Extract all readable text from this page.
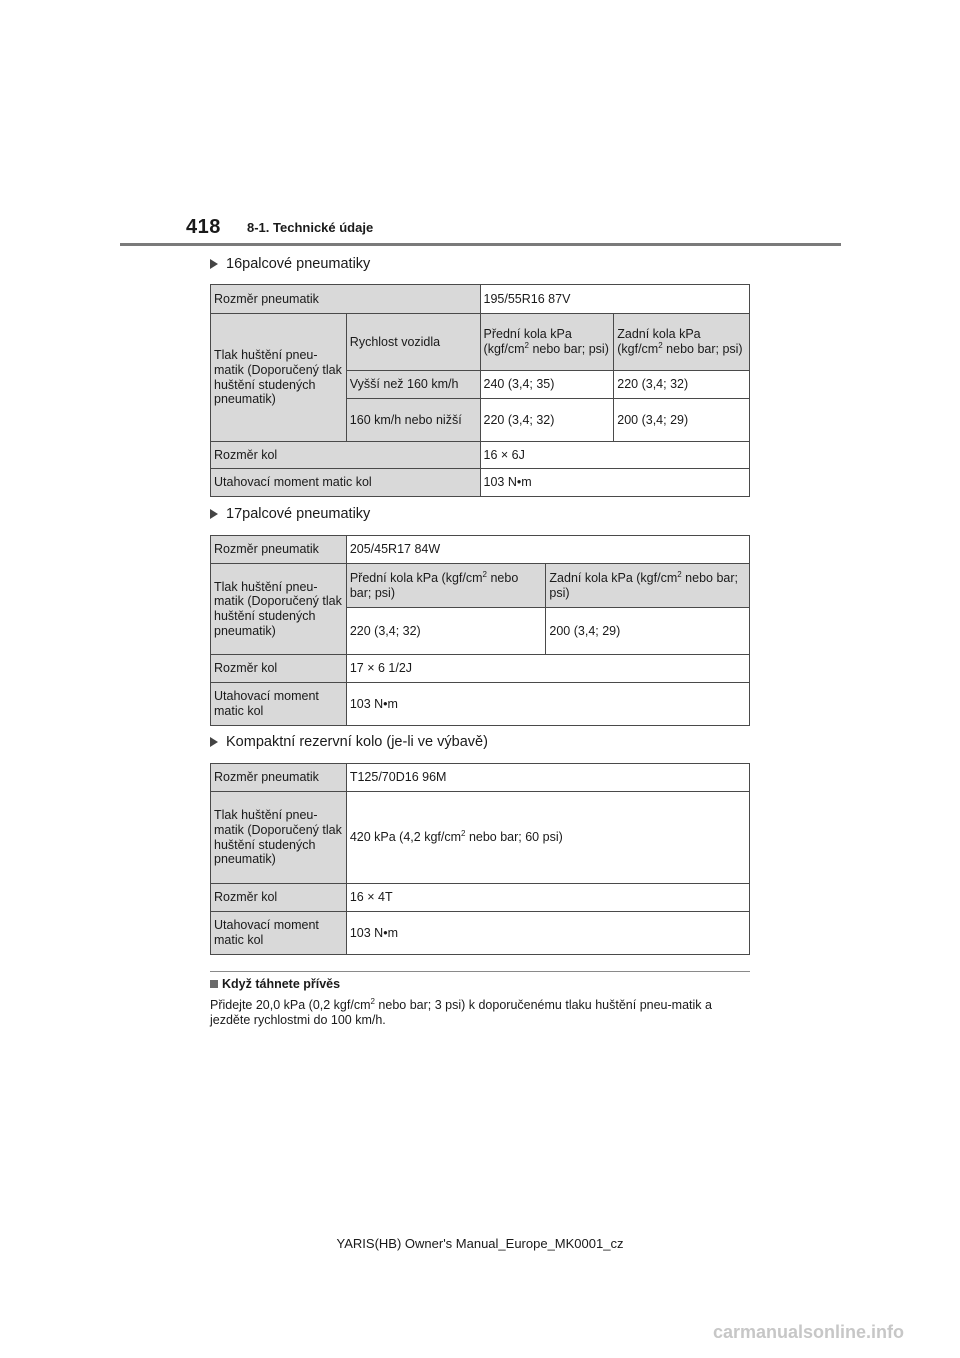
418 8-1. Technické údaje
16palcové pneumatiky
Rozměr pneumatik		195/55R16 87V	
Tlak huštění pneu-matik (Doporučený tlak huštění studených pneumatik)	Rychlost vozidla	Přední kola kPa ($kgf/cm^2$ nebo bar; psi)	Zadní kola kPa ($kgf/cm^2$ nebo bar; psi)
	Vyšší než 160 km/h	240 (3,4; 35)	220 (3,4; 32)
	160 km/h nebo nižší	220 (3,4; 32)	200 (3,4; 29)
Rozměr kol		16 × 6J	
Utahovací moment matic kol		103 N•m	
17palcové pneumatiky
Rozměr pneumatik	205/45R17 84W	
Tlak huštění pneu-matik (Doporučený tlak huštění studených pneumatik)	Přední kola kPa ($kgf/cm^2$ nebo bar; psi)	Zadní kola kPa ($kgf/cm^2$ nebo bar; psi)
	220 (3,4; 32)	200 (3,4; 29)
Rozměr kol	17 × 6 1/2J	
Utahovací moment matic kol	103 N•m	
Kompaktní rezervní kolo (je-li ve výbavě)
Rozměr pneumatik	T125/70D16 96M
Tlak huštění pneu-matik (Doporučený tlak huštění studených pneumatik)	420 kPa (4,2 kgf/$cm^2$ nebo bar; 60 psi)
Rozměr kol	16 × 4T
Utahovací moment matic kol	103 N•m
Když táhnete přívěs
Přidejte 20,0 kPa (0,2 kgf/$cm^2$ nebo bar; 3 psi) k doporučenému tlaku huštění pneu-matik a jezděte rychlostmi do 100 km/h.
YARIS(HB) Owner's Manual_Europe_MK0001_cz
carmanualsonline.info
